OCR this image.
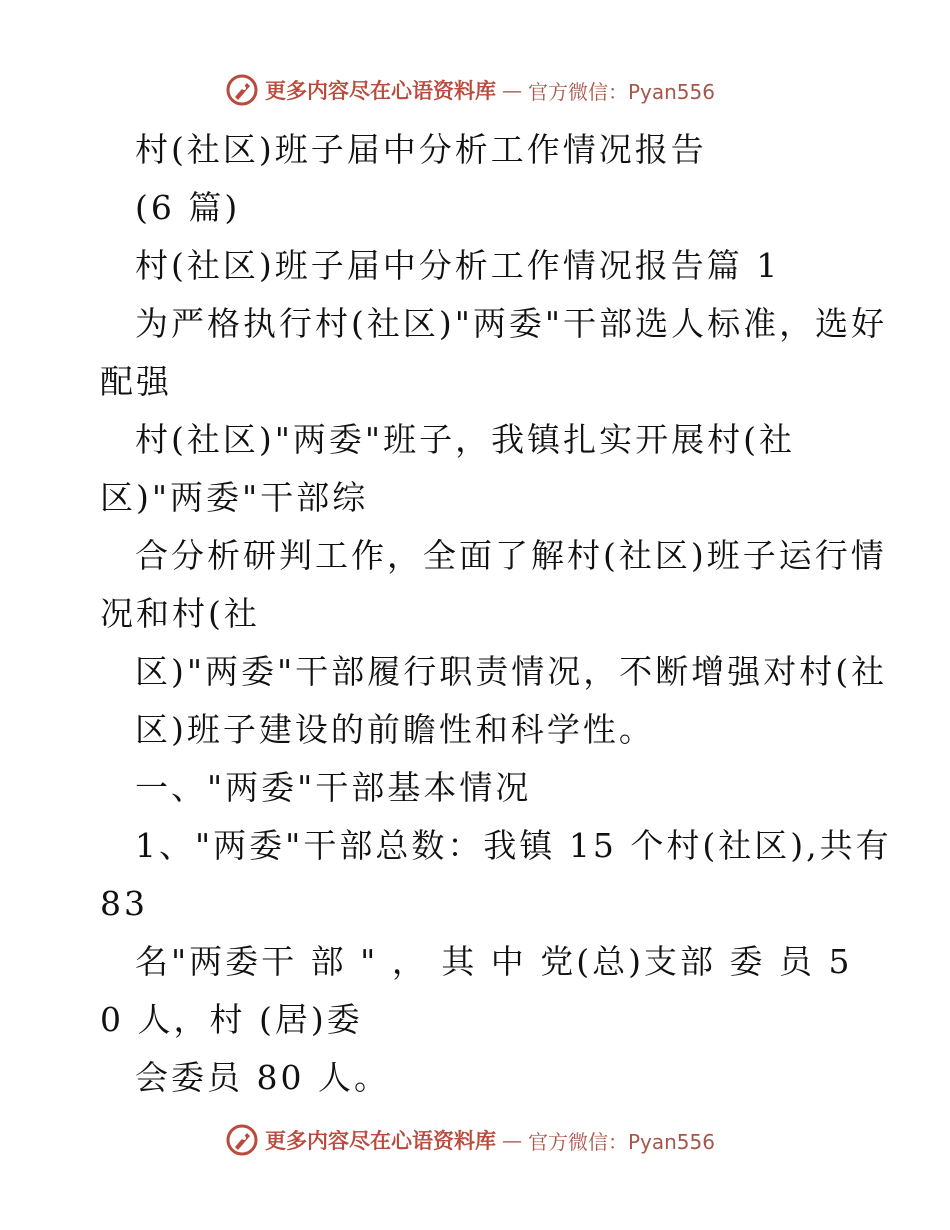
更多内容尽在心语资料库 — 官方微信：Pyan556
村(社区)班子届中分析工作情况报告
(6 篇)
村(社区)班子届中分析工作情况报告篇 1
为严格执行村(社区)"两委"干部选人标准，选好
配强
村(社区)"两委"班子，我镇扎实开展村(社
区)"两委"干部综
合分析研判工作，全面了解村(社区)班子运行情
况和村(社
区)"两委"干部履行职责情况，不断增强对村(社
区)班子建设的前瞻性和科学性。
一、"两委"干部基本情况
1、"两委"干部总数：我镇 15 个村(社区),共有
83
名"两委干 部 " ， 其 中 党(总)支部 委 员 5
0 人，村 (居)委
会委员 80 人。
更多内容尽在心语资料库 — 官方微信：Pyan556
